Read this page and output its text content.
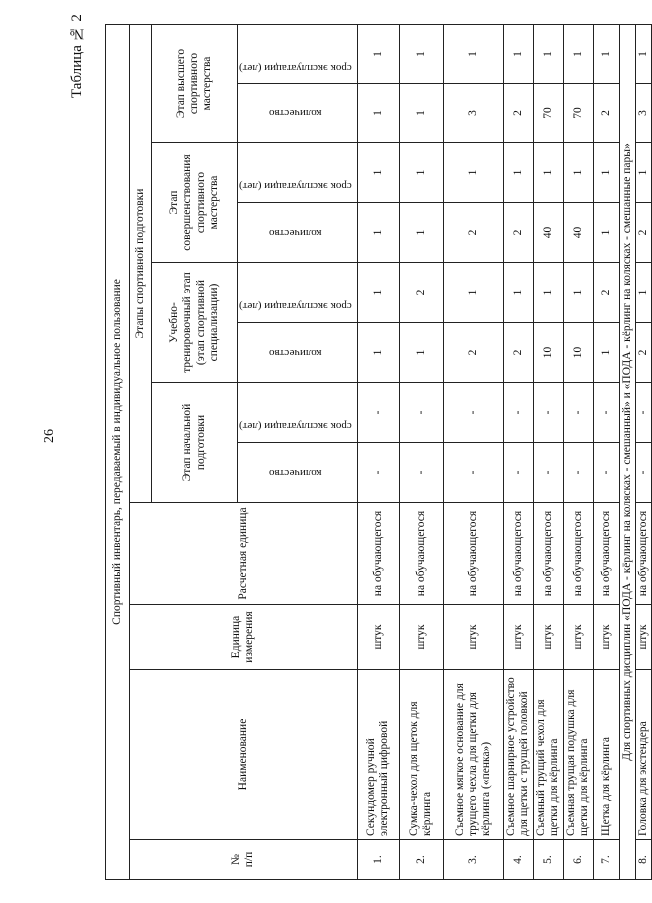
26
Таблица № 2
Спортивный инвентарь, передаваемый в индивидуальное пользование											
№
п/п	Наименование	Единица измерения	Расчетная единица	Этапы спортивной подготовки							
				Этап начальной подготовки		Учебно-тренировочный этап (этап спортивной специализации)		Этап совершенствования спортивного мастерства		Этап высшего спортивного мастерства	
				количество	срок эксплуатации (лет)	количество	срок эксплуатации (лет)	количество	срок эксплуатации (лет)	количество	срок эксплуатации (лет)
1.	Секундомер ручной электронный цифровой	штук	на обучающегося	-	-	1	1	1	1	1	1
2.	Сумка-чехол для щеток для кёрлинга	штук	на обучающегося	-	-	1	2	1	1	1	1
3.	Съемное мягкое основание для трущего чехла для щетки для кёрлинга («пенка»)	штук	на обучающегося	-	-	2	1	2	1	3	1
4.	Съемное шарнирное устройство для щетки с трущей головкой	штук	на обучающегося	-	-	2	1	2	1	2	1
5.	Съемный трущий чехол для щетки для кёрлинга	штук	на обучающегося	-	-	10	1	40	1	70	1
6.	Съемная трущая подушка для щетки для кёрлинга	штук	на обучающегося	-	-	10	1	40	1	70	1
7.	Щетка для кёрлинга	штук	на обучающегося	-	-	1	2	1	1	2	1
Для спортивных дисциплин «ПОДА - кёрлинг на колясках - смешанный» и «ПОДА - кёрлинг на колясках - смешанные пары»											
8.	Головка для экстендера	штук	на обучающегося	-	-	2	1	2	1	3	1
